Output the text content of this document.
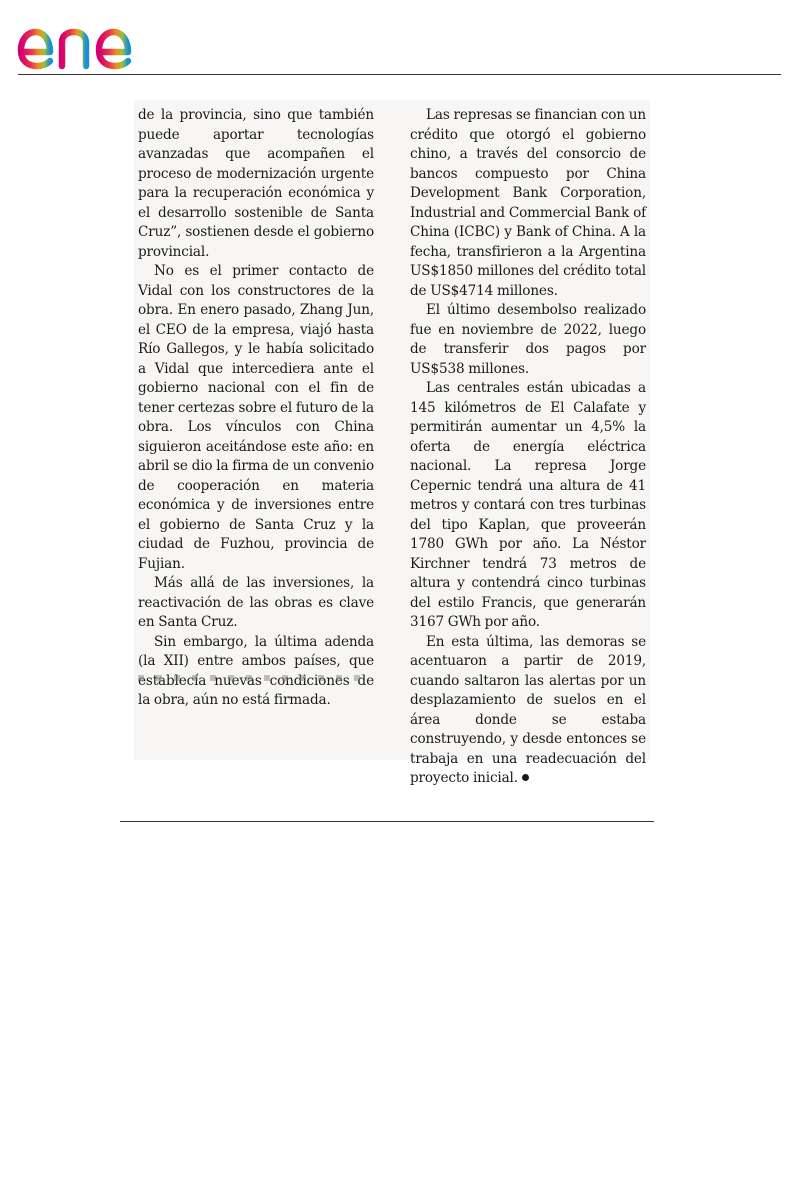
de la provincia, sino que también puede aportar tecnologías avanzadas que acompañen el proceso de modernización urgente para la recuperación económica y el desarrollo sostenible de Santa Cruz”, sostienen desde el gobierno provincial.

No es el primer contacto de Vidal con los constructores de la obra. En enero pasado, Zhang Jun, el CEO de la empresa, viajó hasta Río Gallegos, y le había solicitado a Vidal que intercediera ante el gobierno nacional con el fin de tener certezas sobre el futuro de la obra. Los vínculos con China siguieron aceitándose este año: en abril se dio la firma de un convenio de cooperación en materia económica y de inversiones entre el gobierno de Santa Cruz y la ciudad de Fuzhou, provincia de Fujian.

Más allá de las inversiones, la reactivación de las obras es clave en Santa Cruz.

Sin embargo, la última adenda (la XII) entre ambos países, que establecía nuevas condiciones de la obra, aún no está firmada.

Las represas se financian con un crédito que otorgó el gobierno chino, a través del consorcio de bancos compuesto por China Development Bank Corporation, Industrial and Commercial Bank of China (ICBC) y Bank of China. A la fecha, transfirieron a la Argentina US$1850 millones del crédito total de US$4714 millones.

El último desembolso realizado fue en noviembre de 2022, luego de transferir dos pagos por US$538 millones.

Las centrales están ubicadas a 145 kilómetros de El Calafate y permitirán aumentar un 4,5% la oferta de energía eléctrica nacional. La represa Jorge Cepernic tendrá una altura de 41 metros y contará con tres turbinas del tipo Kaplan, que proveerán 1780 GWh por año. La Néstor Kirchner tendrá 73 metros de altura y contendrá cinco turbinas del estilo Francis, que generarán 3167 GWh por año.

En esta última, las demoras se acentuaron a partir de 2019, cuando saltaron las alertas por un desplazamiento de suelos en el área donde se estaba construyendo, y desde entonces se trabaja en una readecuación del proyecto inicial.
